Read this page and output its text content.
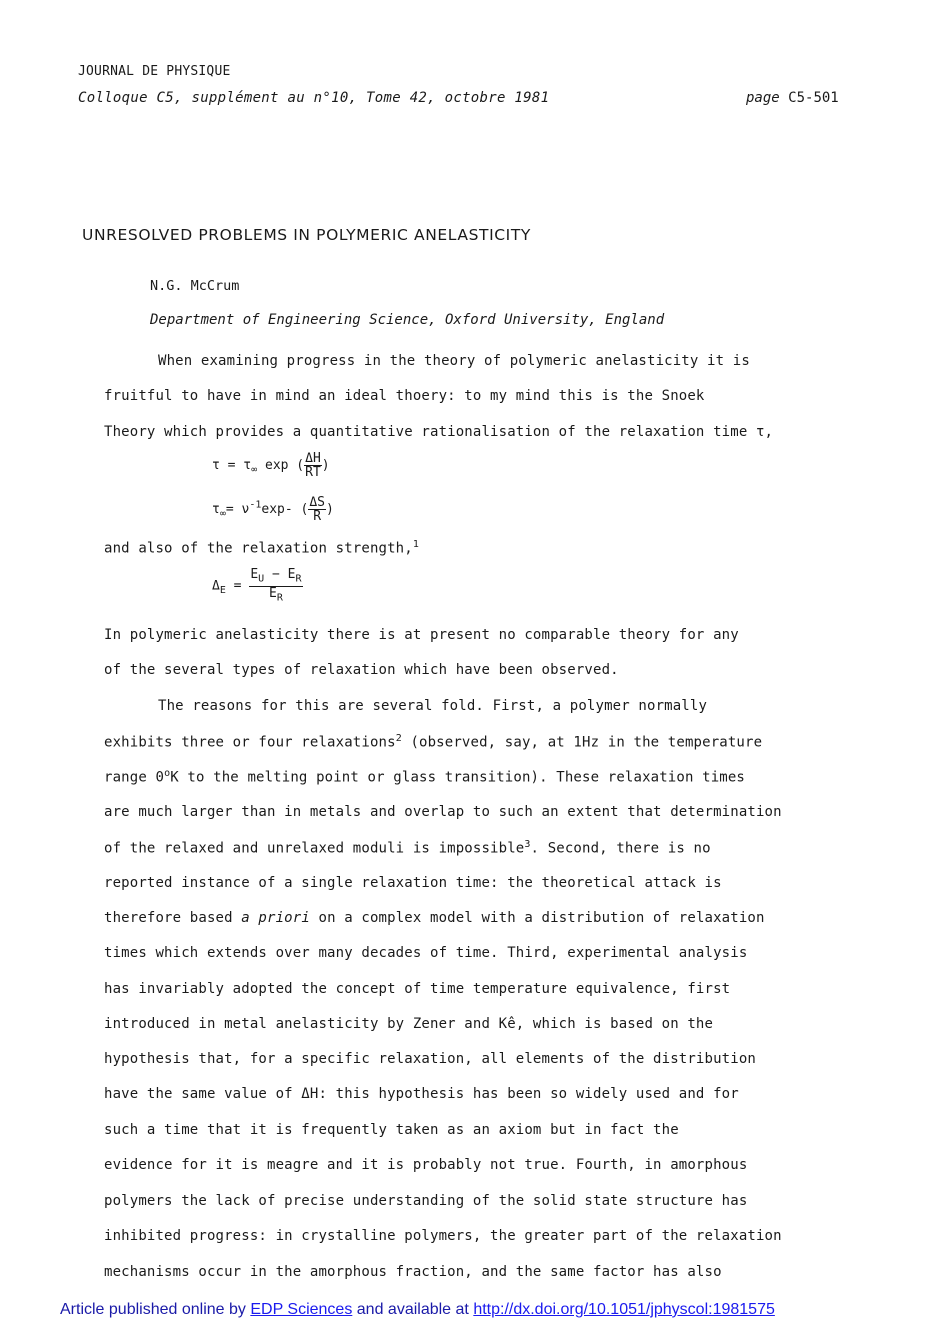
JOURNAL DE PHYSIQUE
Colloque C5, supplément au n°10, Tome 42, octobre 1981	page C5-501
UNRESOLVED PROBLEMS IN POLYMERIC ANELASTICITY
N.G. McCrum
Department of Engineering Science, Oxford University, England
When examining progress in the theory of polymeric anelasticity it is
fruitful to have in mind an ideal thoery: to my mind this is the Snoek
Theory which provides a quantitative rationalisation of the relaxation time τ,
$\tau = \tau_\infty$ exp ( $\frac{\Delta H}{RT}$ )
$\tau_\infty= \nu^{-1}\exp-$ ( $\frac{\Delta S}{R}$ )
and also of the relaxation strength,$^1$
$\Delta_E = \frac{E_U - E_R}{E_R}$
In polymeric anelasticity there is at present no comparable theory for any
of the several types of relaxation which have been observed.
The reasons for this are several fold. First, a polymer normally
exhibits three or four relaxations$^2$ (observed, say, at 1Hz in the temperature
range 0$^o$K to the melting point or glass transition). These relaxation times
are much larger than in metals and overlap to such an extent that determination
of the relaxed and unrelaxed moduli is impossible$^3$. Second, there is no
reported instance of a single relaxation time: the theoretical attack is
therefore based a priori on a complex model with a distribution of relaxation
times which extends over many decades of time. Third, experimental analysis
has invariably adopted the concept of time temperature equivalence, first
introduced in metal anelasticity by Zener and Kê, which is based on the
hypothesis that, for a specific relaxation, all elements of the distribution
have the same value of ΔH: this hypothesis has been so widely used and for
such a time that it is frequently taken as an axiom but in fact the
evidence for it is meagre and it is probably not true. Fourth, in amorphous
polymers the lack of precise understanding of the solid state structure has
inhibited progress: in crystalline polymers, the greater part of the relaxation
mechanisms occur in the amorphous fraction, and the same factor has also
Article published online by EDP Sciences and available at http://dx.doi.org/10.1051/jphyscol:1981575
